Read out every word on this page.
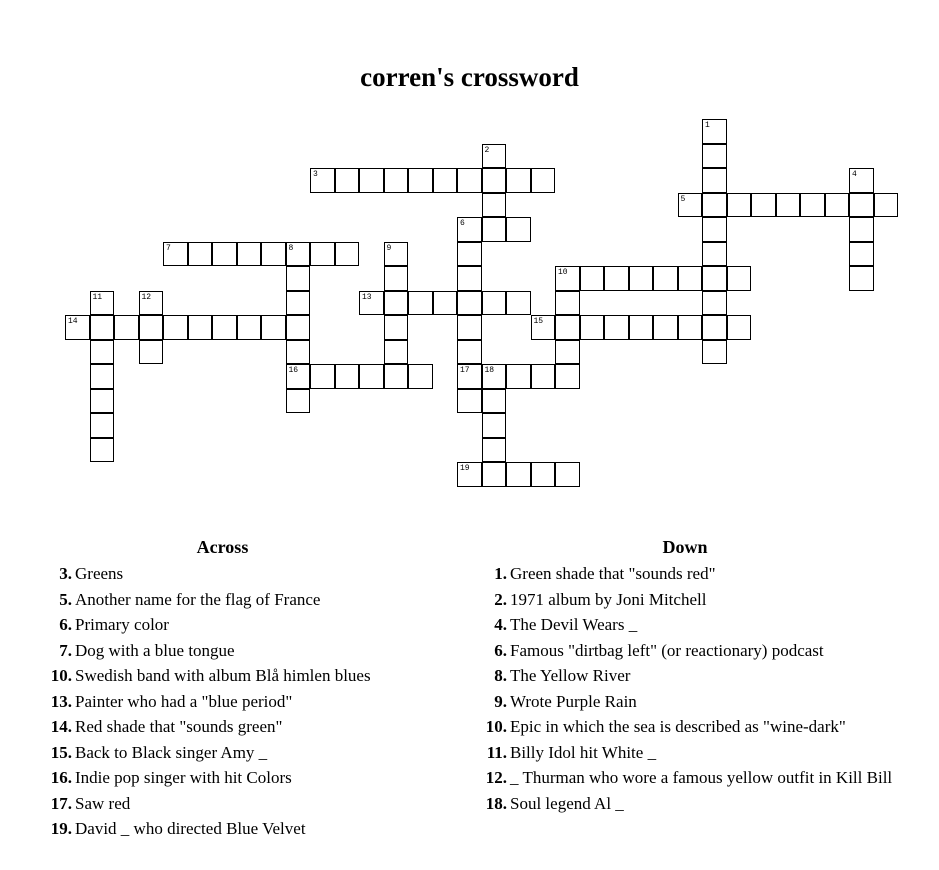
corren's crossword
1
2
3	4
5
6
7	8	9
10
11	12	13
14	15
16	17 18
19
Across
3. Greens
5. Another name for the flag of France
6. Primary color
7. Dog with a blue tongue
10. Swedish band with album Blå himlen blues
13. Painter who had a "blue period"
14. Red shade that "sounds green"
15. Back to Black singer Amy _
16. Indie pop singer with hit Colors
17. Saw red
19. David _ who directed Blue Velvet
Down
1. Green shade that "sounds red"
2. 1971 album by Joni Mitchell
4. The Devil Wears _
6. Famous "dirtbag left" (or reactionary) podcast
8. The Yellow River
9. Wrote Purple Rain
10. Epic in which the sea is described as "wine-dark"
11. Billy Idol hit White _
12. _ Thurman who wore a famous yellow outfit in Kill Bill
18. Soul legend Al _
